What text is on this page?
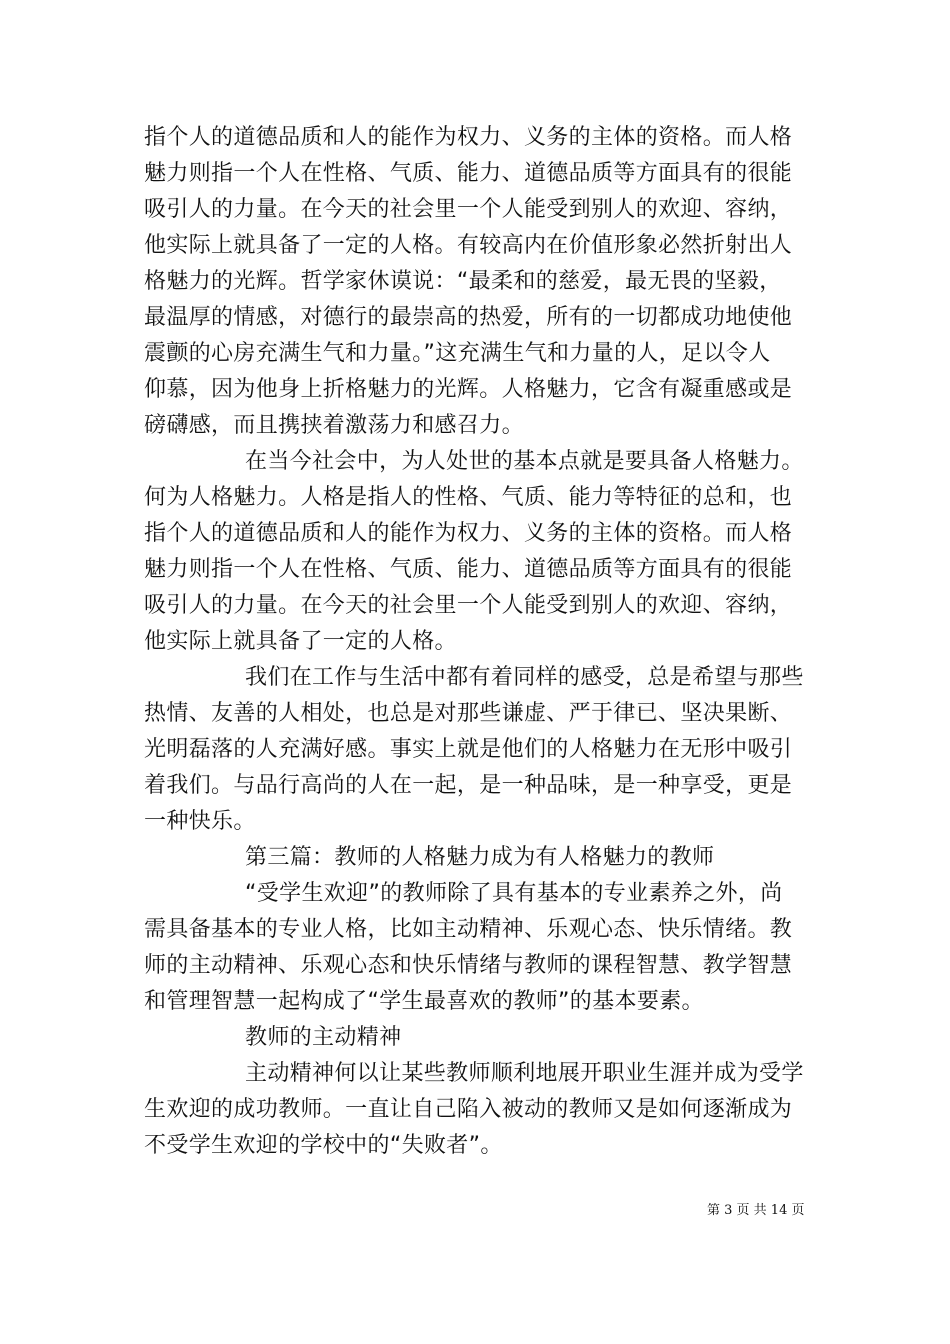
指个人的道德品质和人的能作为权力、义务的主体的资格。而人格
魅力则指一个人在性格、气质、能力、道德品质等方面具有的很能
吸引人的力量。在今天的社会里一个人能受到别人的欢迎、容纳，
他实际上就具备了一定的人格。有较高内在价值形象必然折射出人
格魅力的光辉。哲学家休谟说：“最柔和的慈爱，最无畏的坚毅，
最温厚的情感，对德行的最崇高的热爱，所有的一切都成功地使他
震颤的心房充满生气和力量。”这充满生气和力量的人，足以令人
仰慕，因为他身上折格魅力的光辉。人格魅力，它含有凝重感或是
磅礴感，而且携挟着激荡力和感召力。
在当今社会中，为人处世的基本点就是要具备人格魅力。
何为人格魅力。人格是指人的性格、气质、能力等特征的总和，也
指个人的道德品质和人的能作为权力、义务的主体的资格。而人格
魅力则指一个人在性格、气质、能力、道德品质等方面具有的很能
吸引人的力量。在今天的社会里一个人能受到别人的欢迎、容纳，
他实际上就具备了一定的人格。
我们在工作与生活中都有着同样的感受，总是希望与那些
热情、友善的人相处，也总是对那些谦虚、严于律已、坚决果断、
光明磊落的人充满好感。事实上就是他们的人格魅力在无形中吸引
着我们。与品行高尚的人在一起，是一种品味，是一种享受，更是
一种快乐。
第三篇：教师的人格魅力成为有人格魅力的教师
“受学生欢迎”的教师除了具有基本的专业素养之外，尚
需具备基本的专业人格，比如主动精神、乐观心态、快乐情绪。教
师的主动精神、乐观心态和快乐情绪与教师的课程智慧、教学智慧
和管理智慧一起构成了“学生最喜欢的教师”的基本要素。
教师的主动精神
主动精神何以让某些教师顺利地展开职业生涯并成为受学
生欢迎的成功教师。一直让自己陷入被动的教师又是如何逐渐成为
不受学生欢迎的学校中的“失败者”。
第 3 页 共 14 页
